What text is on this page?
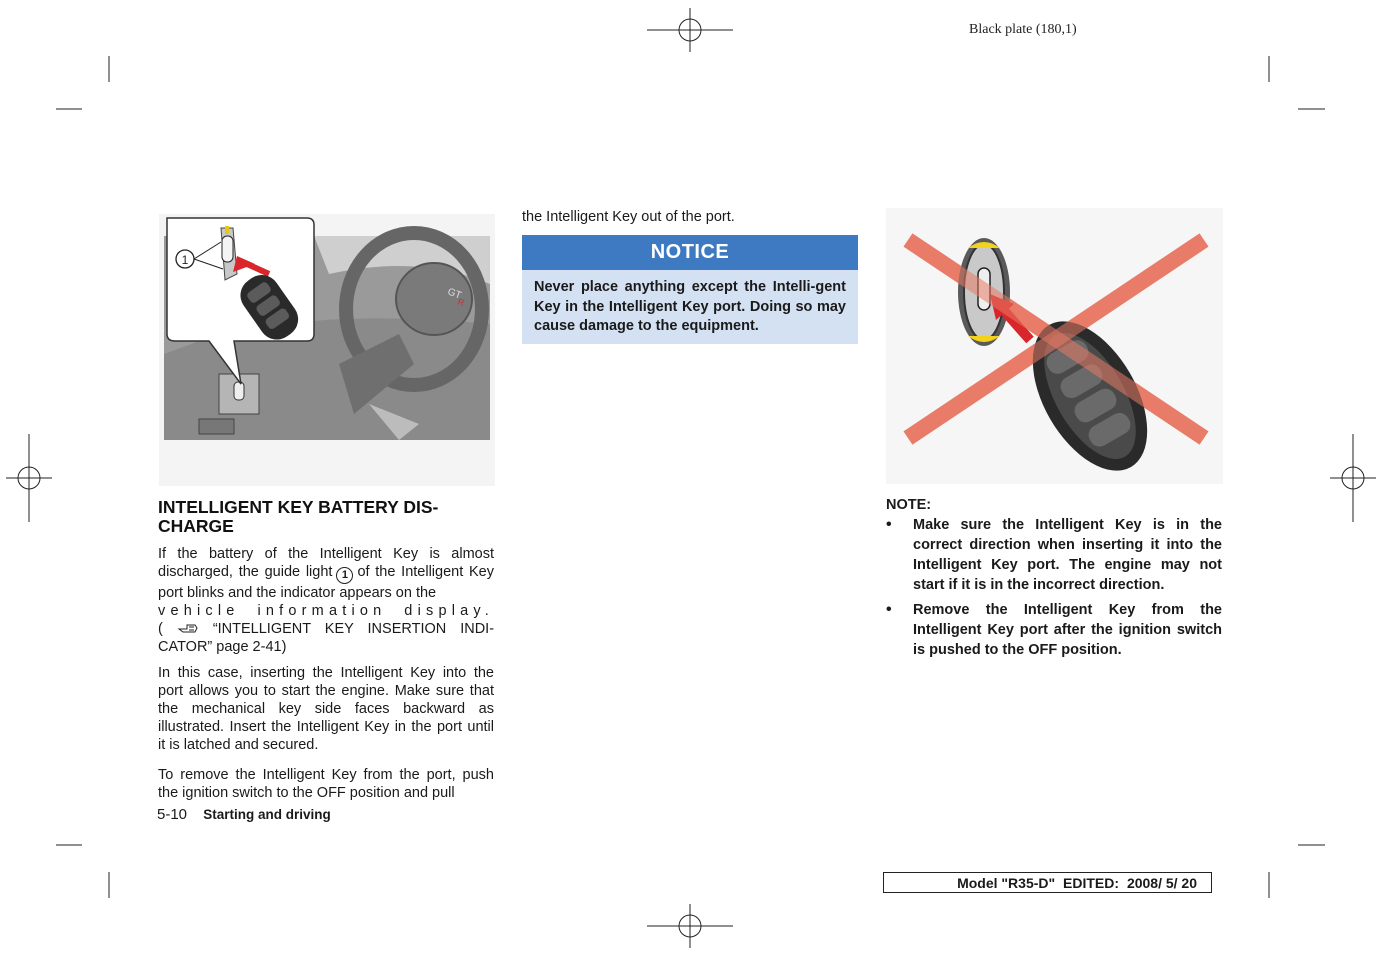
Black plate (180,1)
GT
R
1

INTELLIGENT KEY BATTERY DIS-

CHARGE

If the battery of the Intelligent Key is almost discharged, the guide light 1 of the Intelligent Key port blinks and the indicator appears on the

vehicle information display.

(	“INTELLIGENT KEY INSERTION INDI-CATOR” page 2-41)

In this case, inserting the Intelligent Key into the port allows you to start the engine. Make sure that the mechanical key side faces backward as illustrated. Insert the Intelligent Key in the port until it is latched and secured.

To remove the Intelligent Key from the port, push the ignition switch to the OFF position and pull

5-10 Starting and driving

the Intelligent Key out of the port.

NOTICE
Never place anything except the Intelli-gent Key in the Intelligent Key port. Doing so may cause damage to the equipment.

NOTE:

• Make sure the Intelligent Key is in the correct direction when inserting it into the Intelligent Key port. The engine may not start if it is in the incorrect direction.
• Remove the Intelligent Key from the Intelligent Key port after the ignition switch is pushed to the OFF position.
Model "R35-D" EDITED: 2008/ 5/ 20
